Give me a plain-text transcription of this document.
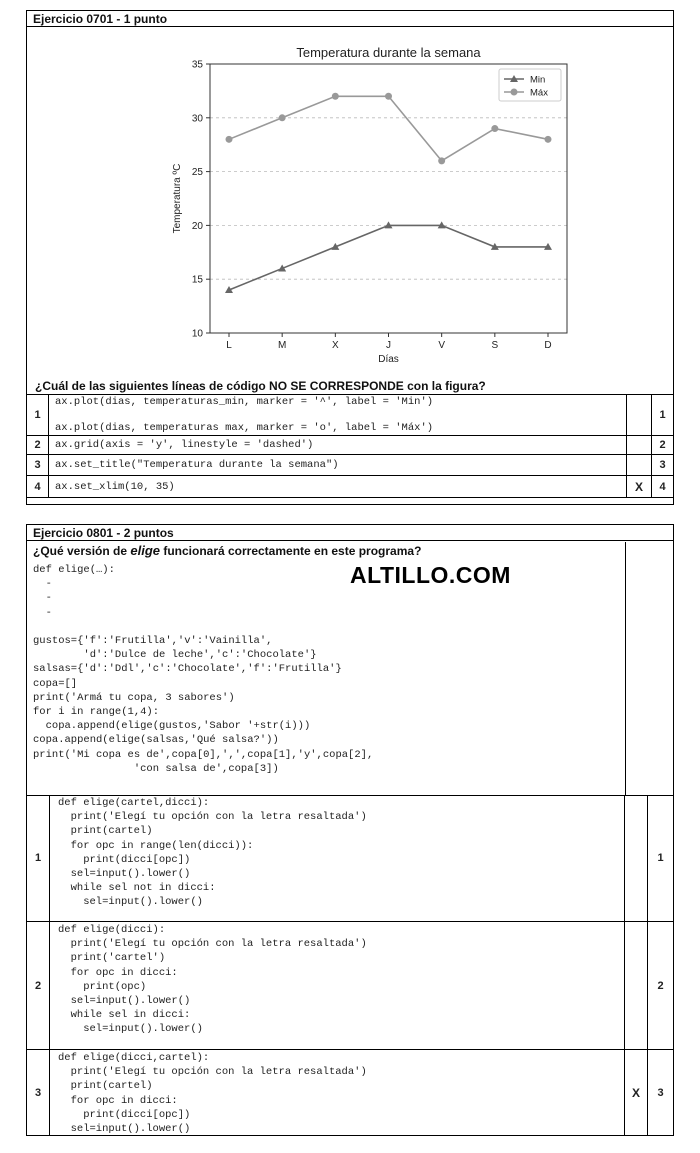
Ejercicio 0701 - 1 punto
Temperatura durante la semana
10
15
20
25
30
35
L	M	X	J	V	S	D
Días
Temperatura ºC
Min
Máx
¿Cuál de las siguientes líneas de código NO SE CORRESPONDE con la figura?
1	ax.plot(dias, temperaturas_min, marker = '^', label = 'Min')

ax.plot(dias, temperaturas max, marker = 'o', label = 'Máx')		1
2	ax.grid(axis = 'y', linestyle = 'dashed')		2
3	ax.set_title("Temperatura durante la semana")		3
4	ax.set_xlim(10, 35)	X	4
Ejercicio 0801 - 2 puntos
¿Qué versión de elige funcionará correctamente en este programa?
def elige(…):
-
-
-

gustos={'f':'Frutilla','v':'Vainilla',
'd':'Dulce de leche','c':'Chocolate'}
salsas={'d':'Ddl','c':'Chocolate','f':'Frutilla'}
copa=[]
print('Armá tu copa, 3 sabores')
for i in range(1,4):
copa.append(elige(gustos,'Sabor '+str(i)))
copa.append(elige(salsas,'Qué salsa?'))
print('Mi copa es de',copa[0],',',copa[1],'y',copa[2],
'con salsa de',copa[3])
1
def elige(cartel,dicci):
print('Elegí tu opción con la letra resaltada')
print(cartel)
for opc in range(len(dicci)):
print(dicci[opc])
sel=input().lower()
while sel not in dicci:
sel=input().lower()
1
2
def elige(dicci):
print('Elegí tu opción con la letra resaltada')
print('cartel')
for opc in dicci:
print(opc)
sel=input().lower()
while sel in dicci:
sel=input().lower()
2
3
def elige(dicci,cartel):
print('Elegí tu opción con la letra resaltada')
print(cartel)
for opc in dicci:
print(dicci[opc])
sel=input().lower()
X	3
ALTILLO.COM
